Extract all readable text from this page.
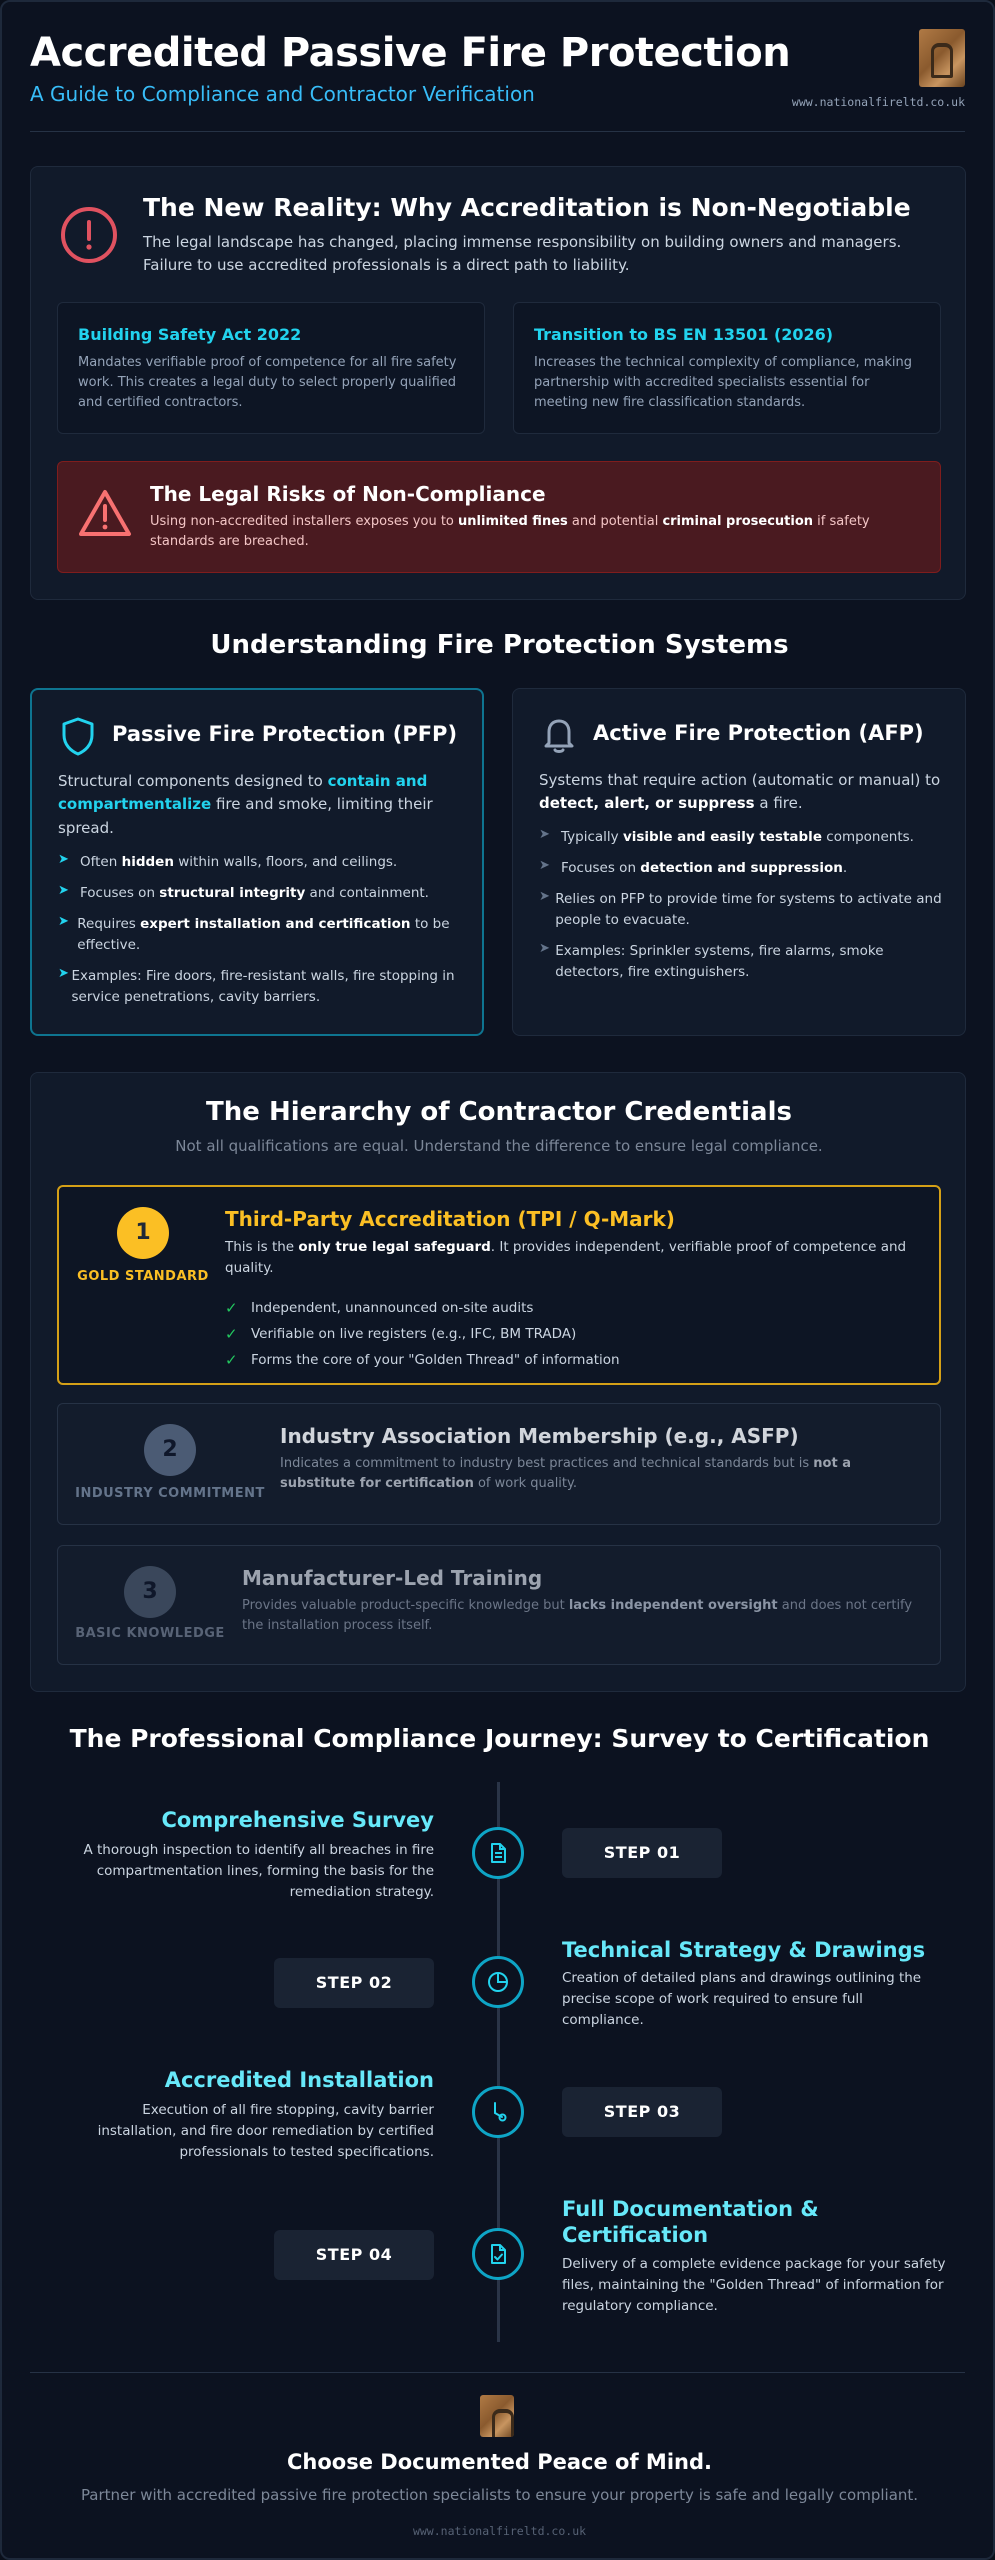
Accredited Passive Fire Protection
A Guide to Compliance and Contractor Verification	www.nationalfireltd.co.uk
The New Reality: Why Accreditation is Non-Negotiable
The legal landscape has changed, placing immense responsibility on building owners and managers. Failure to use accredited professionals is a direct path to liability.
Building Safety Act 2022
Mandates verifiable proof of competence for all fire safety work. This creates a legal duty to select properly qualified and certified contractors.
Transition to BS EN 13501 (2026)
Increases the technical complexity of compliance, making partnership with accredited specialists essential for meeting new fire classification standards.
The Legal Risks of Non-Compliance
Using non-accredited installers exposes you to unlimited fines and potential criminal prosecution if safety standards are breached.
Understanding Fire Protection Systems
Passive Fire Protection (PFP)
Structural components designed to contain and compartmentalize fire and smoke, limiting their spread.
➤ Often hidden within walls, floors, and ceilings.
➤ Focuses on structural integrity and containment.
➤ Requires expert installation and certification to be effective.
➤ Examples: Fire doors, fire-resistant walls, fire stopping in service penetrations, cavity barriers.
Active Fire Protection (AFP)
Systems that require action (automatic or manual) to detect, alert, or suppress a fire.
➤ Typically visible and easily testable components.
➤ Focuses on detection and suppression.
➤ Relies on PFP to provide time for systems to activate and people to evacuate.
➤ Examples: Sprinkler systems, fire alarms, smoke detectors, fire extinguishers.
The Hierarchy of Contractor Credentials
Not all qualifications are equal. Understand the difference to ensure legal compliance.
1
GOLD STANDARD
Third-Party Accreditation (TPI / Q-Mark)
This is the only true legal safeguard. It provides independent, verifiable proof of competence and quality.
✓ Independent, unannounced on-site audits
✓ Verifiable on live registers (e.g., IFC, BM TRADA)
✓ Forms the core of your "Golden Thread" of information
2
INDUSTRY COMMITMENT
Industry Association Membership (e.g., ASFP)
Indicates a commitment to industry best practices and technical standards but is not a substitute for certification of work quality.
3
BASIC KNOWLEDGE
Manufacturer-Led Training
Provides valuable product-specific knowledge but lacks independent oversight and does not certify the installation process itself.
The Professional Compliance Journey: Survey to Certification
Comprehensive Survey
A thorough inspection to identify all breaches in fire compartmentation lines, forming the basis for the remediation strategy.
STEP 01
STEP 02
Technical Strategy & Drawings
Creation of detailed plans and drawings outlining the precise scope of work required to ensure full compliance.
Accredited Installation
Execution of all fire stopping, cavity barrier installation, and fire door remediation by certified professionals to tested specifications.
STEP 03
STEP 04
Full Documentation & Certification
Delivery of a complete evidence package for your safety files, maintaining the "Golden Thread" of information for regulatory compliance.
Choose Documented Peace of Mind.
Partner with accredited passive fire protection specialists to ensure your property is safe and legally compliant.
www.nationalfireltd.co.uk
